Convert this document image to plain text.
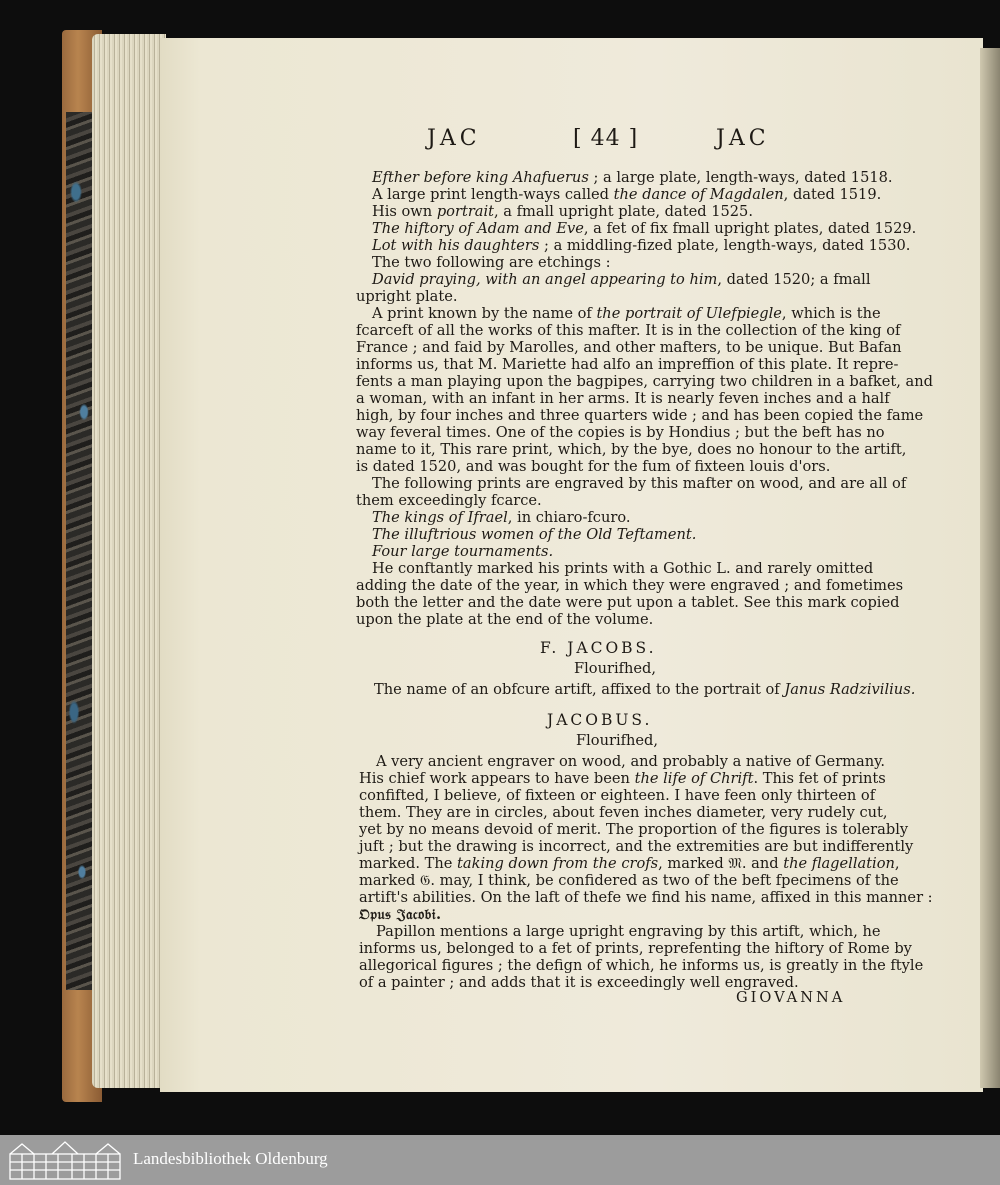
JAC	[ 44 ]	JAC
Efther before king Ahafuerus ; a large plate, length-ways, dated 1518.
A large print length-ways called the dance of Magdalen, dated 1519.
His own portrait, a fmall upright plate, dated 1525.
The hiftory of Adam and Eve, a fet of fix fmall upright plates, dated 1529.
Lot with his daughters ; a middling-fized plate, length-ways, dated 1530.
The two following are etchings :
David praying, with an angel appearing to him, dated 1520; a fmall
upright plate.
A print known by the name of the portrait of Ulefpiegle, which is the
fcarceft of all the works of this mafter. It is in the collection of the king of
France ; and faid by Marolles, and other mafters, to be unique. But Bafan
informs us, that M. Mariette had alfo an impreffion of this plate. It repre-
fents a man playing upon the bagpipes, carrying two children in a bafket, and
a woman, with an infant in her arms. It is nearly feven inches and a half
high, by four inches and three quarters wide ; and has been copied the fame
way feveral times. One of the copies is by Hondius ; but the beft has no
name to it, This rare print, which, by the bye, does no honour to the artift,
is dated 1520, and was bought for the fum of fixteen louis d'ors.
The following prints are engraved by this mafter on wood, and are all of
them exceedingly fcarce.
The kings of Ifrael, in chiaro-fcuro.
The illuftrious women of the Old Teftament.
Four large tournaments.
He conftantly marked his prints with a Gothic L. and rarely omitted
adding the date of the year, in which they were engraved ; and fometimes
both the letter and the date were put upon a tablet. See this mark copied
upon the plate at the end of the volume.
F. JACOBS.
Flourifhed,
The name of an obfcure artift, affixed to the portrait of Janus Radzivilius.
JACOBUS.
Flourifhed,
A very ancient engraver on wood, and probably a native of Germany.
His chief work appears to have been the life of Chrift. This fet of prints
confifted, I believe, of fixteen or eighteen. I have feen only thirteen of
them. They are in circles, about feven inches diameter, very rudely cut,
yet by no means devoid of merit. The proportion of the figures is tolerably
juft ; but the drawing is incorrect, and the extremities are but indifferently
marked. The taking down from the crofs, marked 𝔐. and the flagellation,
marked 𝔊. may, I think, be confidered as two of the beft fpecimens of the
artift's abilities. On the laft of thefe we find his name, affixed in this manner :
𝔒𝔭𝔲𝔰 𝔍𝔞𝔠𝔬𝔟𝔦.
Papillon mentions a large upright engraving by this artift, which, he
informs us, belonged to a fet of prints, reprefenting the hiftory of Rome by
allegorical figures ; the defign of which, he informs us, is greatly in the ftyle
of a painter ; and adds that it is exceedingly well engraved.
GIOVANNA
Landesbibliothek Oldenburg
